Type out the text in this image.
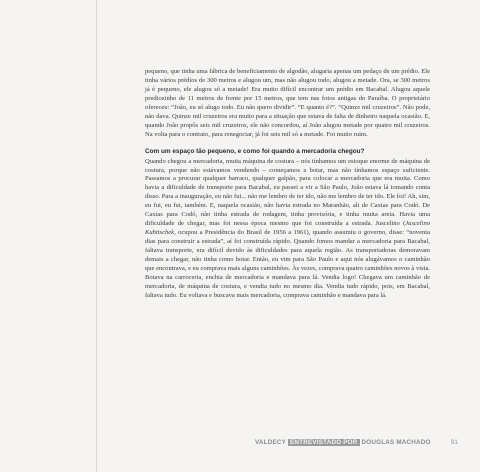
pequeno, que tinha uma fábrica de beneficiamento de algodão, alugaria apenas um pedaço de um prédio. Ele tinha vários prédios de 300 metros e alugou um, mas não alugou todo, alugou a metade. Ora, se 300 metros já é pequeno, ele alugou só a metade! Era muito difícil encontrar um prédio em Bacabal. Alugou aquele prediozinho de 11 metros de frente por 15 metros, que tem nas fotos antigas do Paraíba. O proprietário ofereceu: “João, eu só alugo todo. Eu não quero dividir”. “E quanto é?”. “Quinze mil cruzeiros”. Não pode, não dava. Quinze mil cruzeiros era muito para a situação que estava de falta de dinheiro naquela ocasião. E, quando João propôs seis mil cruzeiros, ele não concordou, aí João alugou metade por quatro mil cruzeiros. Na volta para o contrato, para renegociar, já foi seis mil só a metade. Foi muito ruim.

Com um espaço tão pequeno, e como foi quando a mercadoria chegou?

Quando chegou a mercadoria, muita máquina de costura – nós tínhamos um estoque enorme de máquina de costura, porque não estávamos vendendo – começamos a botar, mas não tínhamos espaço suficiente. Passamos a procurar qualquer barraco, qualquer galpão, para colocar a mercadoria que era muita. Como havia a dificuldade de transporte para Bacabal, eu passei a vir a São Paulo, João estava lá tomando conta disso. Para a inauguração, eu não fui... não me lembro de ter ido, não me lembro de ter ido. Ele foi! Ah, sim, eu fui, eu fui, também. E, naquela ocasião, não havia estrada no Maranhão, ali de Caxias para Codó. De Caxias para Codó, não tinha estrada de rodagem, tinha provisória, e tinha muita areia. Havia uma dificuldade de chegar, mas foi nessa época mesmo que foi construída a estrada. Juscelino (Juscelino Kubitschek, ocupou a Presidência do Brasil de 1956 a 1961), quando assumiu o governo, disse: “noventa dias para construir a estrada”, aí foi construída rápido. Quando fomos mandar a mercadoria para Bacabal, faltava transporte, era difícil devido às dificuldades para aquela região. As transportadoras demoravam demais a chegar, não tinha como botar. Então, eu vim para São Paulo e aqui nós alugávamos o caminhão que encontrava, e eu comprava mais alguns caminhões. Às vezes, comprava quatro caminhões novos à vista. Botava na carroceria, enchia de mercadoria e mandava para lá. Vendia logo! Chegava um caminhão de mercadoria, de máquina de costura, e vendia tudo no mesmo dia. Vendia tudo rápido, pois, em Bacabal, faltava tudo. Eu voltava e buscava mais mercadoria, comprava caminhão e mandava para lá.

VALDECY ENTREVISTADO POR DOUGLAS MACHADO	91
